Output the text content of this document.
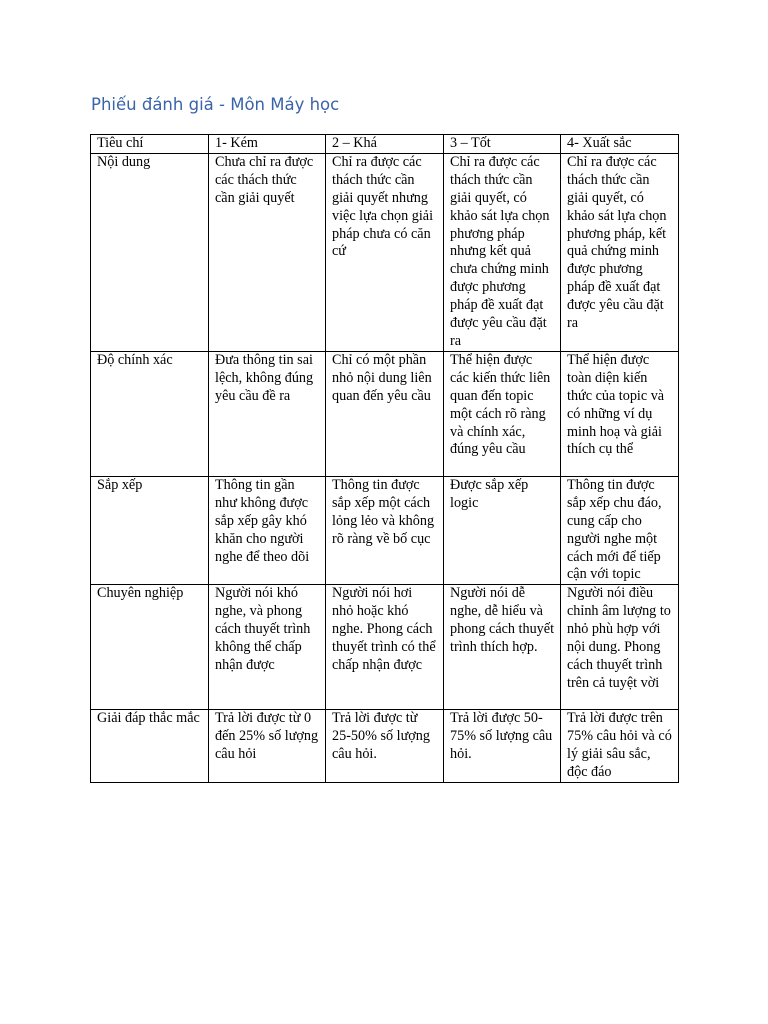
Phiếu đánh giá - Môn Máy học
Tiêu chí	1- Kém	2 – Khá	3 – Tốt	4- Xuất sắc
Nội dung	Chưa chỉ ra được các thách thức cần giải quyết	Chỉ ra được các thách thức cần giải quyết nhưng việc lựa chọn giải pháp chưa có căn cứ	Chỉ ra được các thách thức cần giải quyết, có khảo sát lựa chọn phương pháp nhưng kết quả chưa chứng minh được phương pháp đề xuất đạt được yêu cầu đặt ra	Chỉ ra được các thách thức cần giải quyết, có khảo sát lựa chọn phương pháp, kết quả chứng minh được phương pháp đề xuất đạt được yêu cầu đặt ra
Độ chính xác	Đưa thông tin sai lệch, không đúng yêu cầu đề ra	Chỉ có một phần nhỏ nội dung liên quan đến yêu cầu	Thể hiện được các kiến thức liên quan đến topic một cách rõ ràng và chính xác, đúng yêu cầu	Thể hiện được toàn diện kiến thức của topic và có những ví dụ minh hoạ và giải thích cụ thể
Sắp xếp	Thông tin gần như không được sắp xếp gây khó khăn cho người nghe để theo dõi	Thông tin được sắp xếp một cách lỏng lẻo và không rõ ràng về bố cục	Được sắp xếp logic	Thông tin được sắp xếp chu đáo, cung cấp cho người nghe một cách mới để tiếp cận với topic
Chuyên nghiệp	Người nói khó nghe, và phong cách thuyết trình không thể chấp nhận được	Người nói hơi nhỏ hoặc khó nghe. Phong cách thuyết trình có thể chấp nhận được	Người nói dễ nghe, dễ hiểu và phong cách thuyết trình thích hợp.	Người nói điều chỉnh âm lượng to nhỏ phù hợp với nội dung. Phong cách thuyết trình trên cả tuyệt vời
Giải đáp thắc mắc	Trả lời được từ 0 đến 25% số lượng câu hỏi	Trả lời được từ 25-50% số lượng câu hỏi.	Trả lời được 50-75% số lượng câu hỏi.	Trả lời được trên 75% câu hỏi và có lý giải sâu sắc, độc đáo
